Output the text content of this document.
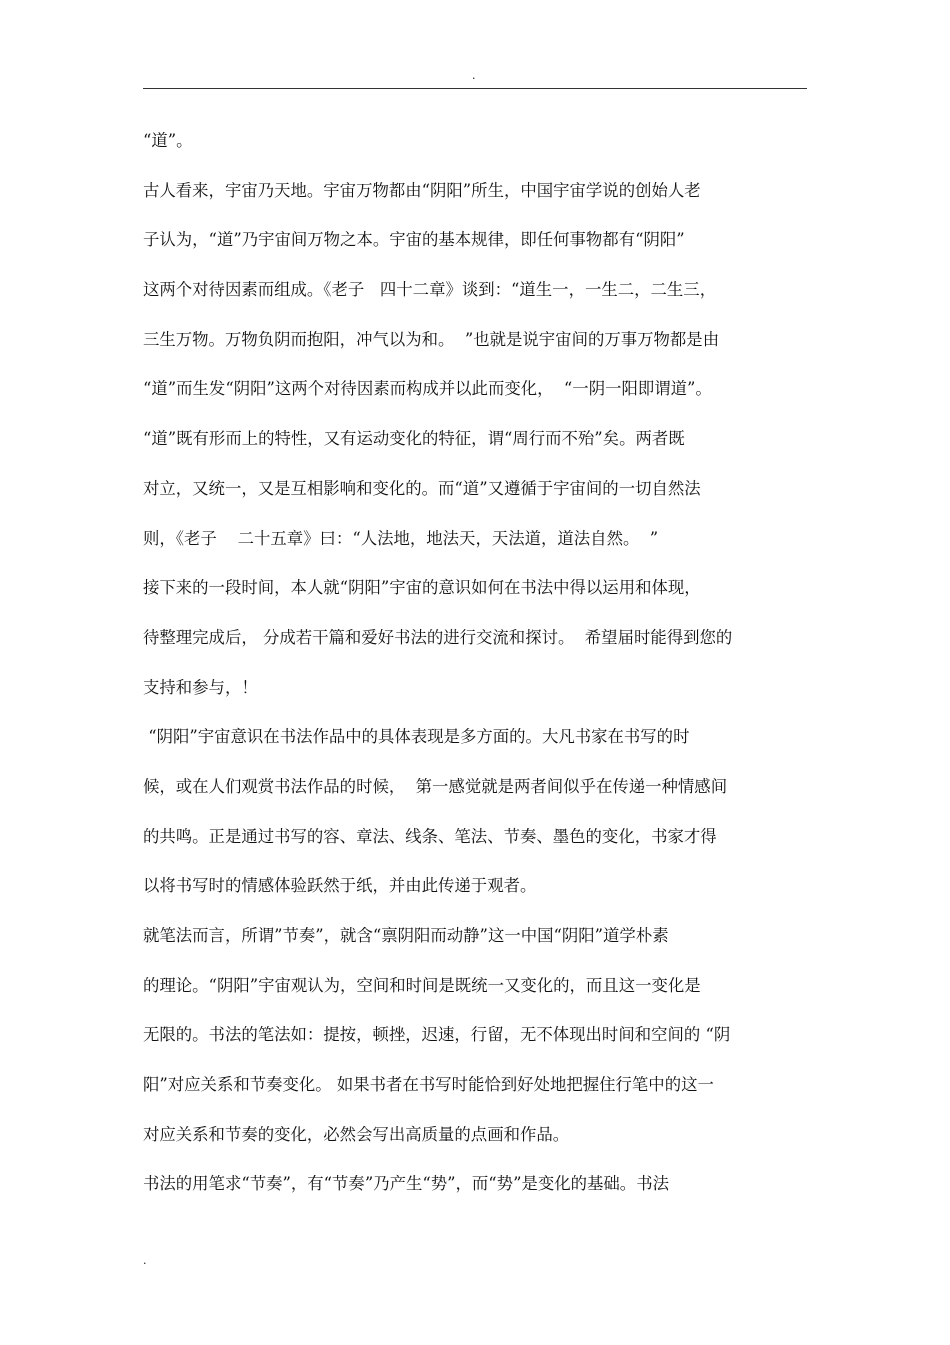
.
“道”。
古人看来，宇宙乃天地。宇宙万物都由“阴阳”所生，中国宇宙学说的创始人老
子认为，“道”乃宇宙间万物之本。宇宙的基本规律，即任何事物都有“阴阳”
这两个对待因素而组成。《老子   四十二章》谈到：“道生一，一生二，二生三，
三生万物。万物负阴而抱阳，冲气以为和。  ”也就是说宇宙间的万事万物都是由
“道”而生发“阴阳”这两个对待因素而构成并以此而变化，  “一阴一阳即谓道”。
“道”既有形而上的特性，又有运动变化的特征，谓“周行而不殆”矣。两者既
对立，又统一，又是互相影响和变化的。而“道”又遵循于宇宙间的一切自然法
则，《老子    二十五章》曰：“人法地，地法天，天法道，道法自然。  ”
接下来的一段时间，本人就“阴阳”宇宙的意识如何在书法中得以运用和体现，
待整理完成后， 分成若干篇和爱好书法的进行交流和探讨。  希望届时能得到您的
支持和参与，！
“阴阳”宇宙意识在书法作品中的具体表现是多方面的。大凡书家在书写的时
候，或在人们观赏书法作品的时候，  第一感觉就是两者间似乎在传递一种情感间
的共鸣。正是通过书写的容、章法、线条、笔法、节奏、墨色的变化，书家才得
以将书写时的情感体验跃然于纸，并由此传递于观者。
就笔法而言，所谓”节奏”，就含“禀阴阳而动静”这一中国“阴阳”道学朴素
的理论。“阴阳”宇宙观认为，空间和时间是既统一又变化的，而且这一变化是
无限的。书法的笔法如：提按，顿挫，迟速，行留，无不体现出时间和空间的 “阴
阳”对应关系和节奏变化。 如果书者在书写时能恰到好处地把握住行笔中的这一
对应关系和节奏的变化，必然会写出高质量的点画和作品。
书法的用笔求“节奏”，有“节奏”乃产生“势”，而“势”是变化的基础。书法
.
